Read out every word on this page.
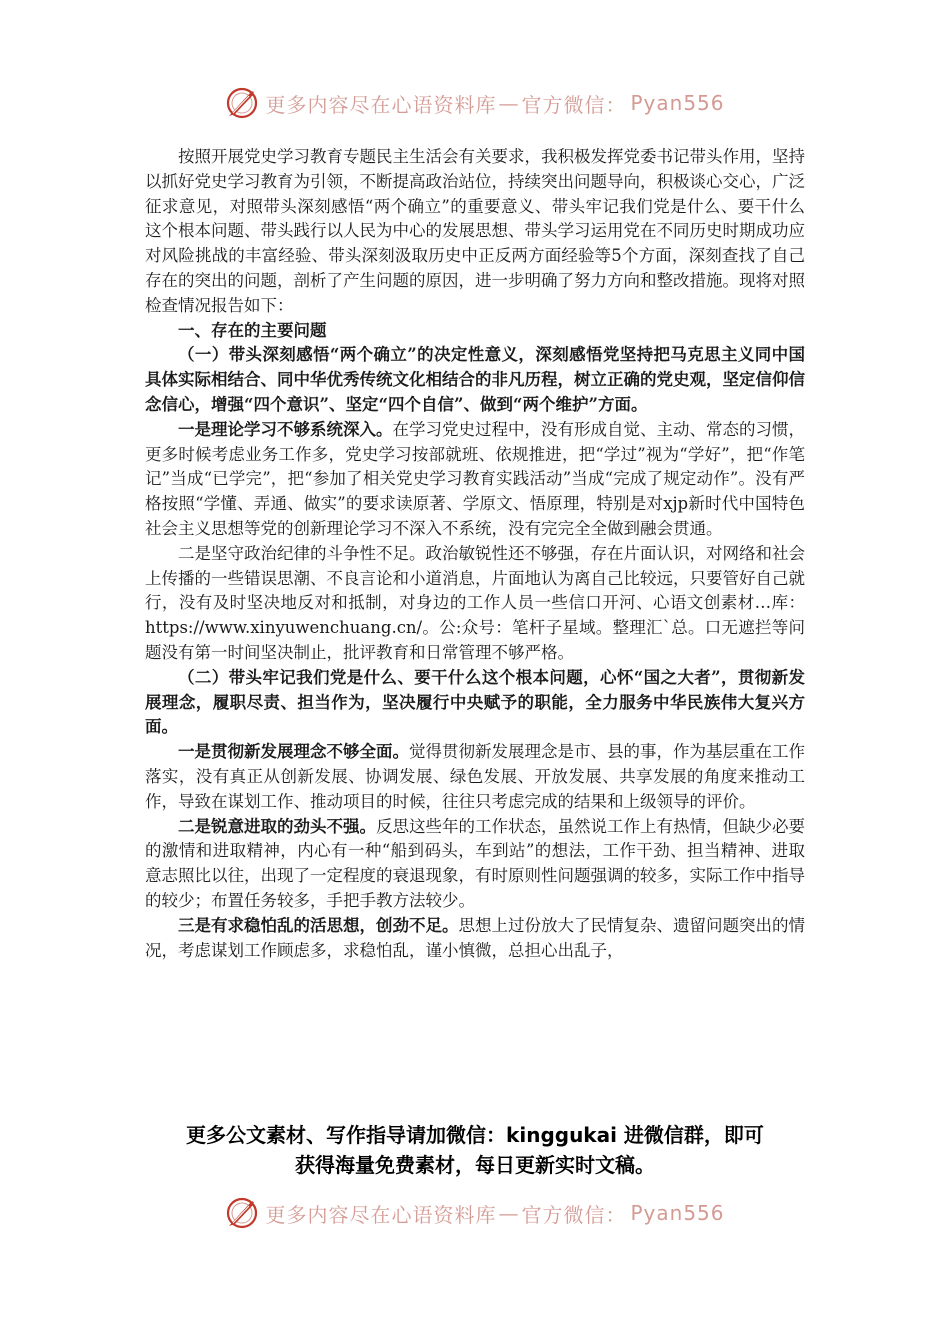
更多内容尽在心语资料库 — 官方微信： Pyan556

按照开展党史学习教育专题民主生活会有关要求，我积极发挥党委书记带头作用，坚持以抓好党史学习教育为引领，不断提高政治站位，持续突出问题导向，积极谈心交心，广泛征求意见，对照带头深刻感悟“两个确立”的重要意义、带头牢记我们党是什么、要干什么这个根本问题、带头践行以人民为中心的发展思想、带头学习运用党在不同历史时期成功应对风险挑战的丰富经验、带头深刻汲取历史中正反两方面经验等5个方面，深刻查找了自己存在的突出的问题，剖析了产生问题的原因，进一步明确了努力方向和整改措施。现将对照检查情况报告如下：

一、存在的主要问题

（一）带头深刻感悟“两个确立”的决定性意义，深刻感悟党坚持把马克思主义同中国具体实际相结合、同中华优秀传统文化相结合的非凡历程，树立正确的党史观，坚定信仰信念信心，增强“四个意识”、坚定“四个自信”、做到“两个维护”方面。

一是理论学习不够系统深入。在学习党史过程中，没有形成自觉、主动、常态的习惯，更多时候考虑业务工作多，党史学习按部就班、依规推进，把“学过”视为“学好”，把“作笔记”当成“已学完”，把“参加了相关党史学习教育实践活动”当成“完成了规定动作”。没有严格按照“学懂、弄通、做实”的要求读原著、学原文、悟原理，特别是对xjp新时代中国特色社会主义思想等党的创新理论学习不深入不系统，没有完完全全做到融会贯通。

二是坚守政治纪律的斗争性不足。政治敏锐性还不够强，存在片面认识，对网络和社会上传播的一些错误思潮、不良言论和小道消息，片面地认为离自己比较远，只要管好自己就行，没有及时坚决地反对和抵制，对身边的工作人员一些信口开河、心语文创素材…库：https://www.xinyuwenchuang.cn/。公:众号：笔杆子星域。整理汇`总。口无遮拦等问题没有第一时间坚决制止，批评教育和日常管理不够严格。

（二）带头牢记我们党是什么、要干什么这个根本问题，心怀“国之大者”，贯彻新发展理念，履职尽责、担当作为，坚决履行中央赋予的职能，全力服务中华民族伟大复兴方面。

一是贯彻新发展理念不够全面。觉得贯彻新发展理念是市、县的事，作为基层重在工作落实，没有真正从创新发展、协调发展、绿色发展、开放发展、共享发展的角度来推动工作，导致在谋划工作、推动项目的时候，往往只考虑完成的结果和上级领导的评价。

二是锐意进取的劲头不强。反思这些年的工作状态，虽然说工作上有热情，但缺少必要的激情和进取精神，内心有一种“船到码头，车到站”的想法，工作干劲、担当精神、进取意志照比以往，出现了一定程度的衰退现象，有时原则性问题强调的较多，实际工作中指导的较少；布置任务较多，手把手教方法较少。

三是有求稳怕乱的活思想，创劲不足。思想上过份放大了民情复杂、遗留问题突出的情况，考虑谋划工作顾虑多，求稳怕乱，谨小慎微，总担心出乱子，

更多公文素材、写作指导请加微信：kinggukai 进微信群，即可
获得海量免费素材，每日更新实时文稿。
更多内容尽在心语资料库 — 官方微信： Pyan556
